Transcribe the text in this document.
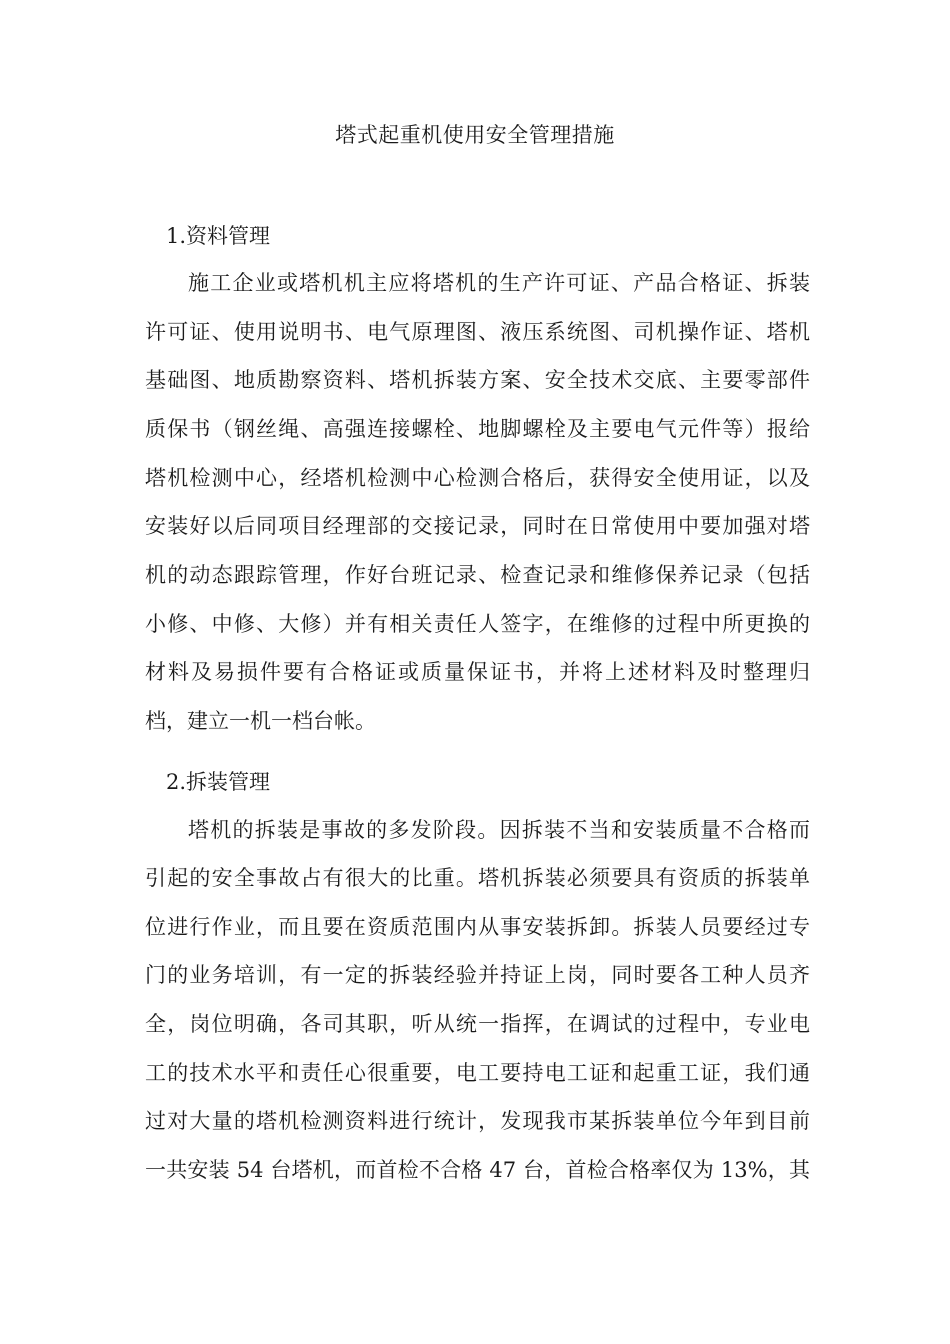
塔式起重机使用安全管理措施
1.资料管理
施工企业或塔机机主应将塔机的生产许可证、产品合格证、拆装
许可证、使用说明书、电气原理图、液压系统图、司机操作证、塔机
基础图、地质勘察资料、塔机拆装方案、安全技术交底、主要零部件
质保书（钢丝绳、高强连接螺栓、地脚螺栓及主要电气元件等）报给
塔机检测中心，经塔机检测中心检测合格后，获得安全使用证，以及
安装好以后同项目经理部的交接记录，同时在日常使用中要加强对塔
机的动态跟踪管理，作好台班记录、检查记录和维修保养记录（包括
小修、中修、大修）并有相关责任人签字，在维修的过程中所更换的
材料及易损件要有合格证或质量保证书，并将上述材料及时整理归
档，建立一机一档台帐。
2.拆装管理
塔机的拆装是事故的多发阶段。因拆装不当和安装质量不合格而
引起的安全事故占有很大的比重。塔机拆装必须要具有资质的拆装单
位进行作业，而且要在资质范围内从事安装拆卸。拆装人员要经过专
门的业务培训，有一定的拆装经验并持证上岗，同时要各工种人员齐
全，岗位明确，各司其职，听从统一指挥，在调试的过程中，专业电
工的技术水平和责任心很重要，电工要持电工证和起重工证，我们通
过对大量的塔机检测资料进行统计，发现我市某拆装单位今年到目前
一共安装 54 台塔机，而首检不合格 47 台，首检合格率仅为 13%，其
